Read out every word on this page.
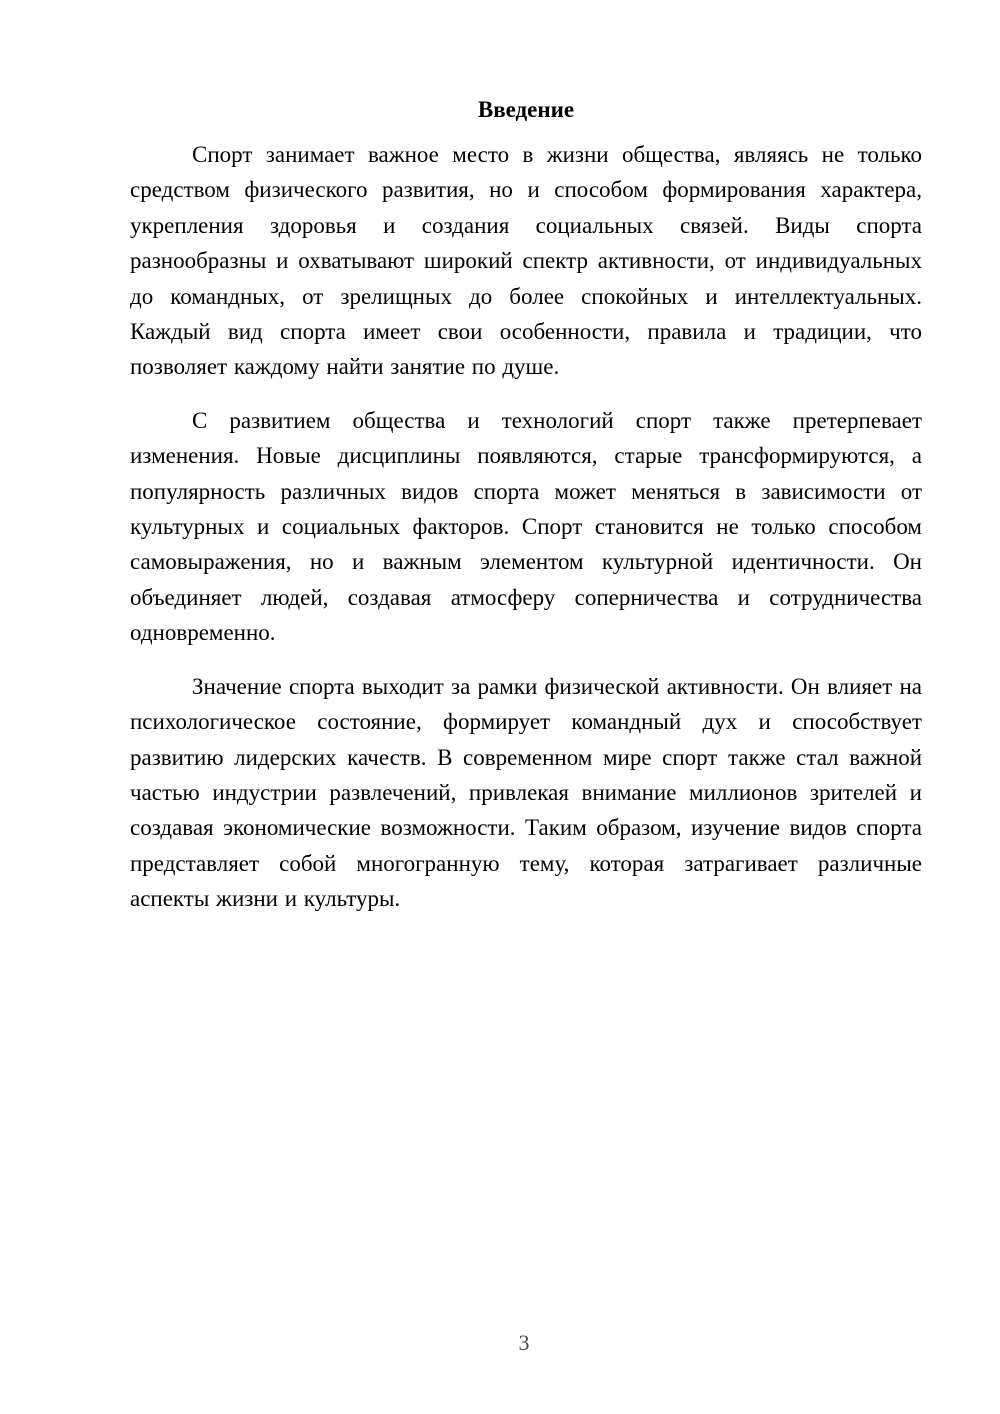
Введение

Спорт занимает важное место в жизни общества, являясь не только средством физического развития, но и способом формирования характера, укрепления здоровья и создания социальных связей. Виды спорта разнообразны и охватывают широкий спектр активности, от индивидуальных до командных, от зрелищных до более спокойных и интеллектуальных. Каждый вид спорта имеет свои особенности, правила и традиции, что позволяет каждому найти занятие по душе.

С развитием общества и технологий спорт также претерпевает изменения. Новые дисциплины появляются, старые трансформируются, а популярность различных видов спорта может меняться в зависимости от культурных и социальных факторов. Спорт становится не только способом самовыражения, но и важным элементом культурной идентичности. Он объединяет людей, создавая атмосферу соперничества и сотрудничества одновременно.

Значение спорта выходит за рамки физической активности. Он влияет на психологическое состояние, формирует командный дух и способствует развитию лидерских качеств. В современном мире спорт также стал важной частью индустрии развлечений, привлекая внимание миллионов зрителей и создавая экономические возможности. Таким образом, изучение видов спорта представляет собой многогранную тему, которая затрагивает различные аспекты жизни и культуры.

3
